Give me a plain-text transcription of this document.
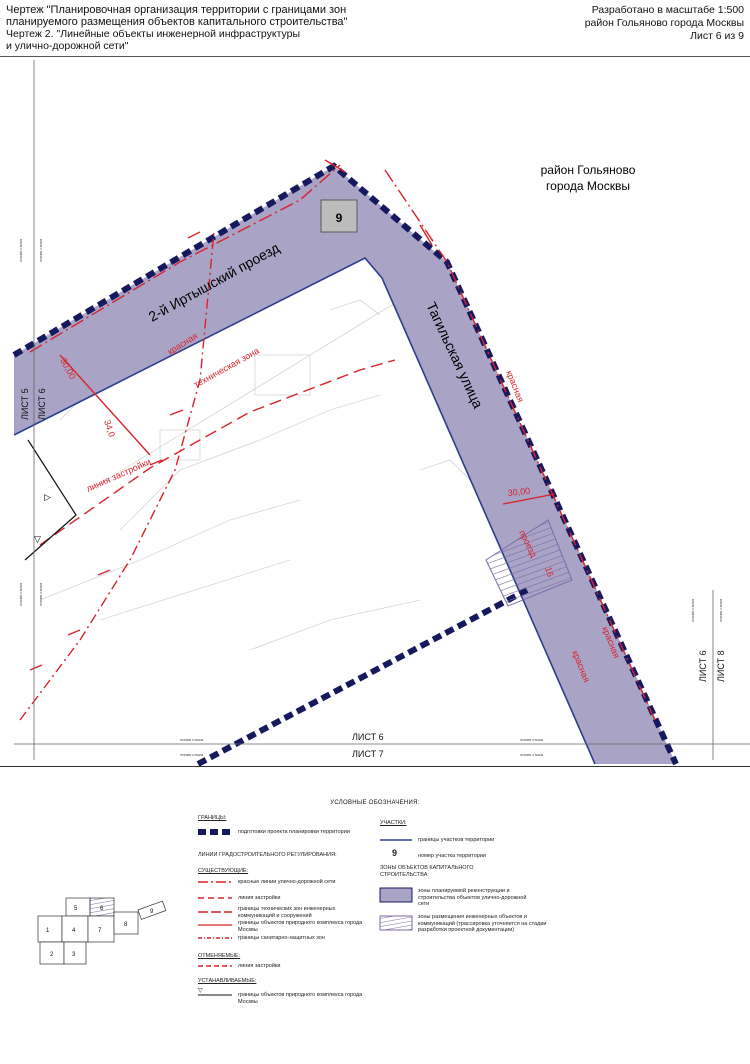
Чертеж "Планировочная организация территории с границами зон
планируемого размещения объектов капитального строительства"
Чертеж 2. "Линейные объекты инженерной инфраструктуры
и улично-дорожной сети"
Разработано в масштабе 1:500
район Гольяново города Москвы
Лист 6 из 9
▷
▽
9
район Гольяново
города Москвы
2-й Иртышский проезд
Тагильская улица
30,00
34,0
30,00
16
красная
техническая зона
линия застройки
красная
проезд
красная
красная
ЛИСТ 5 ЛИСТ 6
ЛИСТ 6 ЛИСТ 8
ЛИСТ 6
ЛИСТ 7
линия стыка	линия стыка
линия стыка	линия стыка
линия стыка	линия стыка
линия стыка	линия стыка
линия стыка	линия стыка
УСЛОВНЫЕ ОБОЗНАЧЕНИЯ:
▽
1
2	3
4
5	6
7
8
9
ГРАНИЦЫ:
подготовки проекта планировки территории
ЛИНИИ ГРАДОСТРОИТЕЛЬНОГО РЕГУЛИРОВАНИЯ:
СУЩЕСТВУЮЩИЕ:
красные линии улично-дорожной сети
линия застройки
границы технических зон инженерных коммуникаций и сооружений
границы объектов природного комплекса города Москвы
границы санитарно-защитных зон
ОТМЕНЯЕМЫЕ:
линия застройки
УСТАНАВЛИВАЕМЫЕ:
границы объектов природного комплекса города Москвы
УЧАСТКИ:
границы участков территории
9	номер участка территории
ЗОНЫ ОБЪЕКТОВ КАПИТАЛЬНОГО СТРОИТЕЛЬСТВА:
зоны планируемой реконструкции и строительства объектов улично-дорожной сети
зоны размещения инженерных объектов и коммуникаций (трассировка уточняется на стадии разработки проектной документации)
